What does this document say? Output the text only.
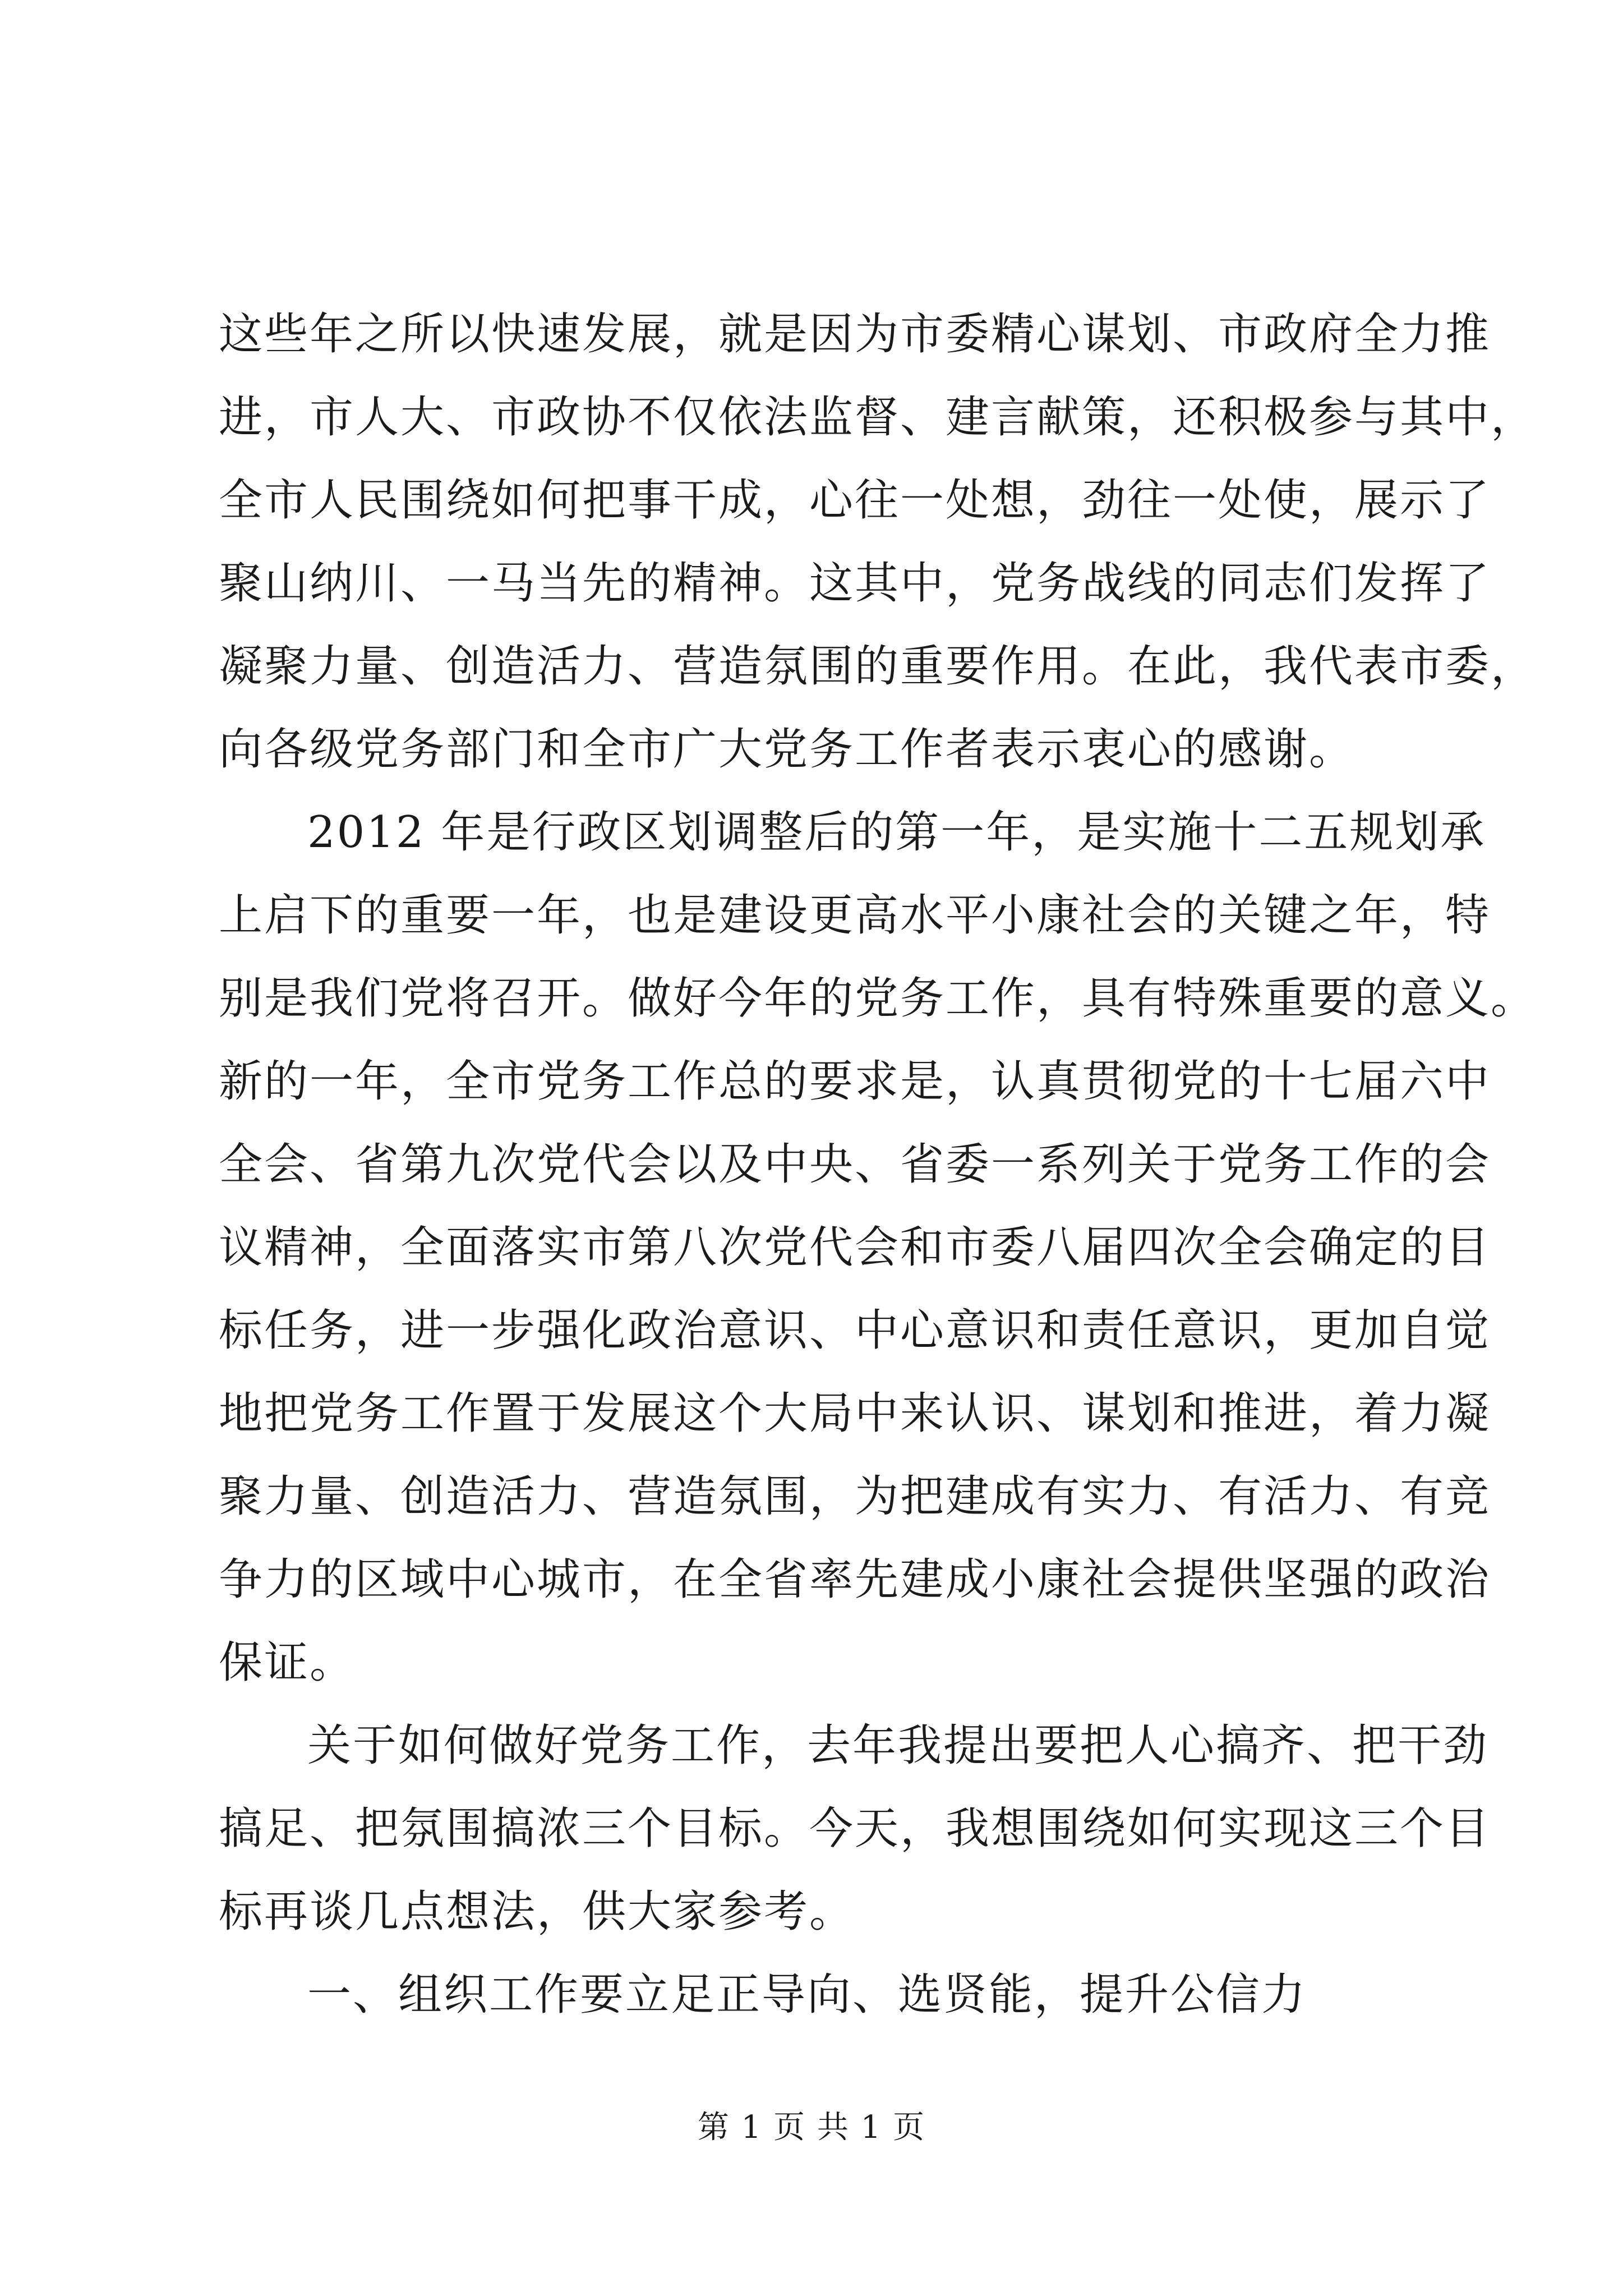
这些年之所以快速发展，就是因为市委精心谋划、市政府全力推
进，市人大、市政协不仅依法监督、建言献策，还积极参与其中，
全市人民围绕如何把事干成，心往一处想，劲往一处使，展示了
聚山纳川、一马当先的精神。这其中，党务战线的同志们发挥了
凝聚力量、创造活力、营造氛围的重要作用。在此，我代表市委，
向各级党务部门和全市广大党务工作者表示衷心的感谢。
2012 年是行政区划调整后的第一年，是实施十二五规划承
上启下的重要一年，也是建设更高水平小康社会的关键之年，特
别是我们党将召开。做好今年的党务工作，具有特殊重要的意义。
新的一年，全市党务工作总的要求是，认真贯彻党的十七届六中
全会、省第九次党代会以及中央、省委一系列关于党务工作的会
议精神，全面落实市第八次党代会和市委八届四次全会确定的目
标任务，进一步强化政治意识、中心意识和责任意识，更加自觉
地把党务工作置于发展这个大局中来认识、谋划和推进，着力凝
聚力量、创造活力、营造氛围，为把建成有实力、有活力、有竞
争力的区域中心城市，在全省率先建成小康社会提供坚强的政治
保证。
关于如何做好党务工作，去年我提出要把人心搞齐、把干劲
搞足、把氛围搞浓三个目标。今天，我想围绕如何实现这三个目
标再谈几点想法，供大家参考。
一、组织工作要立足正导向、选贤能，提升公信力
第 1 页 共 1 页
